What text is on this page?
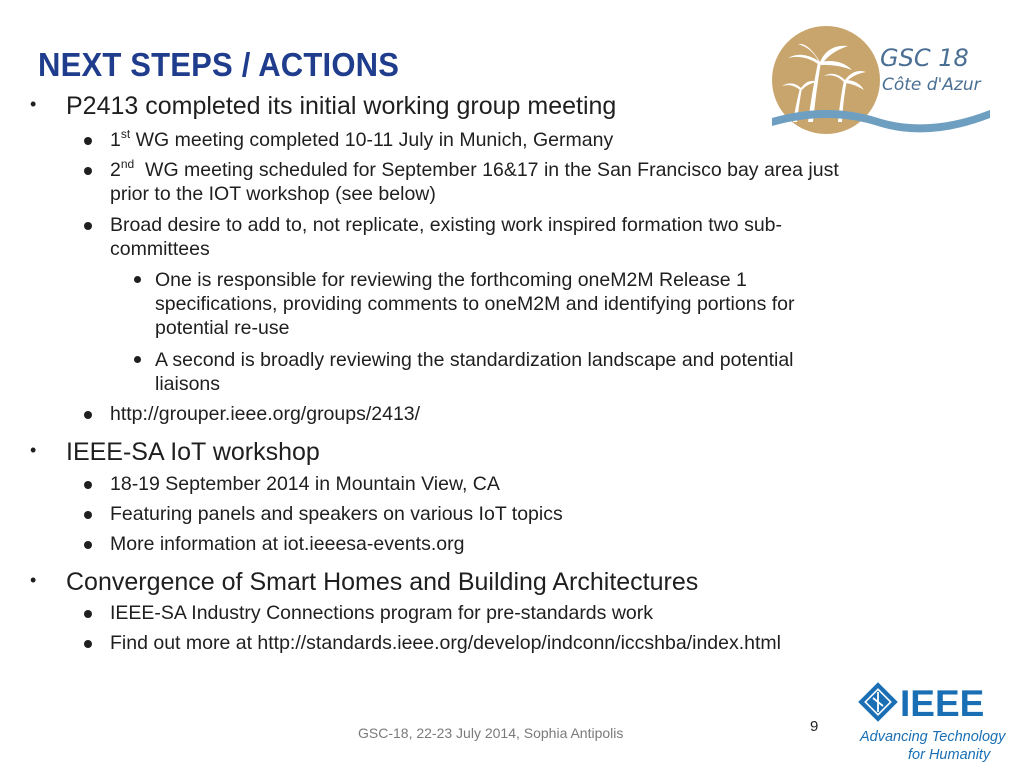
NEXT STEPS / ACTIONS	GSC 18
Côte d'Azur
• P2413 completed its initial working group meeting

1st WG meeting completed 10-11 July in Munich, Germany

2nd  WG meeting scheduled for September 16&17 in the San Francisco bay area just

prior to the IOT workshop (see below)

Broad desire to add to, not replicate, existing work inspired formation two sub-

committees

One is responsible for reviewing the forthcoming oneM2M Release 1

specifications, providing comments to oneM2M and identifying portions for

potential re-use

A second is broadly reviewing the standardization landscape and potential

liaisons

http://grouper.ieee.org/groups/2413/

• IEEE-SA IoT workshop

18-19 September 2014 in Mountain View, CA

Featuring panels and speakers on various IoT topics

More information at iot.ieeesa-events.org

• Convergence of Smart Homes and Building Architectures

IEEE-SA Industry Connections program for pre-standards work

Find out more at http://standards.ieee.org/develop/indconn/iccshba/index.html

GSC-18, 22-23 July 2014, Sophia Antipolis	9
IEEE
Advancing Technology
for Humanity
